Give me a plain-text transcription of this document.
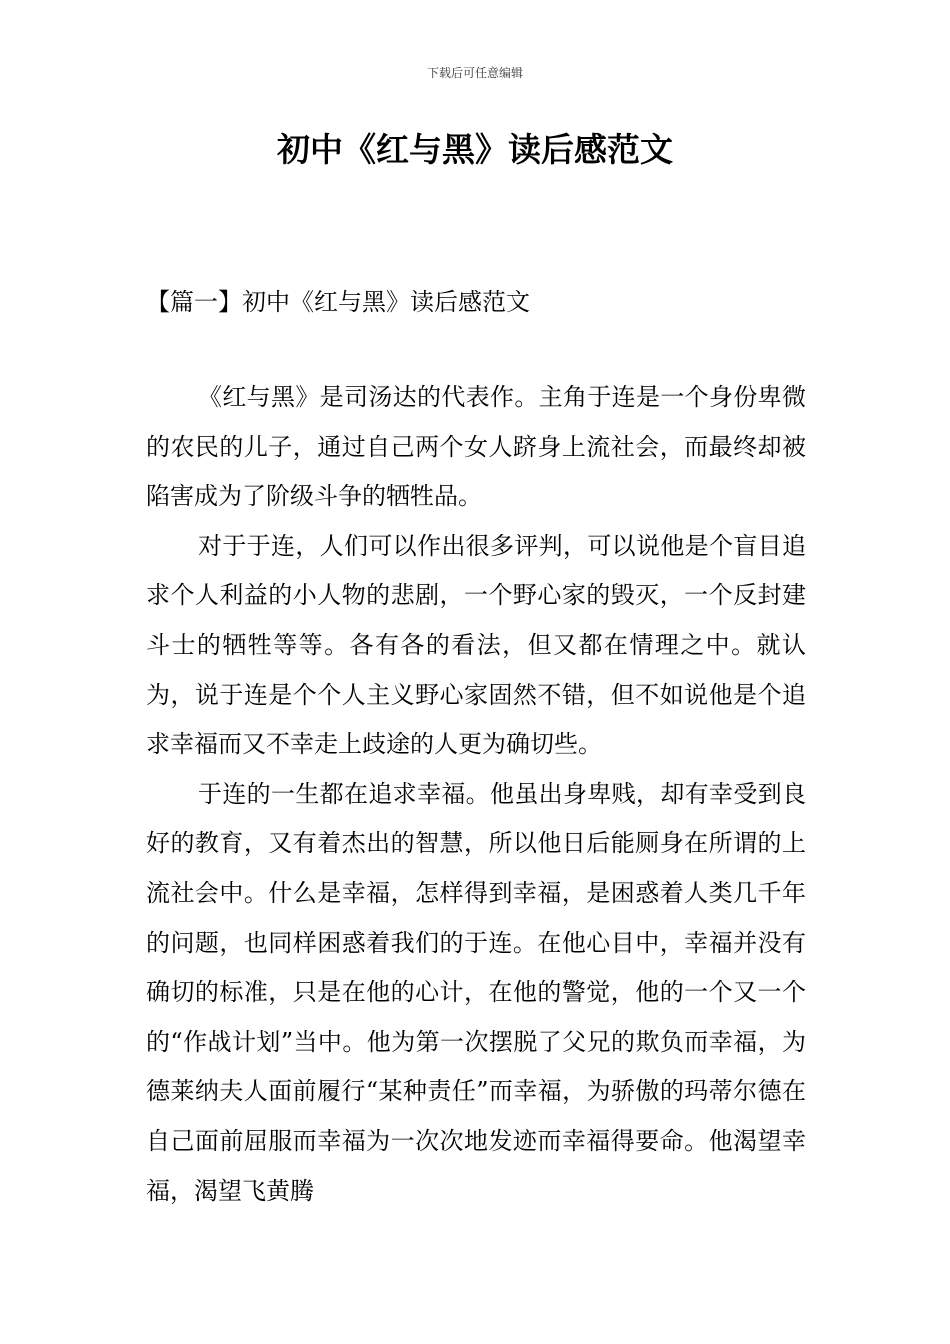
下载后可任意编辑
初中《红与黑》读后感范文
【篇一】初中《红与黑》读后感范文

《红与黑》是司汤达的代表作。主角于连是一个身份卑微的农民的儿子，通过自己两个女人跻身上流社会，而最终却被陷害成为了阶级斗争的牺牲品。

对于于连，人们可以作出很多评判，可以说他是个盲目追求个人利益的小人物的悲剧，一个野心家的毁灭，一个反封建斗士的牺牲等等。各有各的看法，但又都在情理之中。就认为，说于连是个个人主义野心家固然不错，但不如说他是个追求幸福而又不幸走上歧途的人更为确切些。

于连的一生都在追求幸福。他虽出身卑贱，却有幸受到良好的教育，又有着杰出的智慧，所以他日后能厕身在所谓的上流社会中。什么是幸福，怎样得到幸福，是困惑着人类几千年的问题，也同样困惑着我们的于连。在他心目中，幸福并没有确切的标准，只是在他的心计，在他的警觉，他的一个又一个的“作战计划”当中。他为第一次摆脱了父兄的欺负而幸福，为德莱纳夫人面前履行“某种责任”而幸福，为骄傲的玛蒂尔德在自己面前屈服而幸福为一次次地发迹而幸福得要命。他渴望幸福，渴望飞黄腾
